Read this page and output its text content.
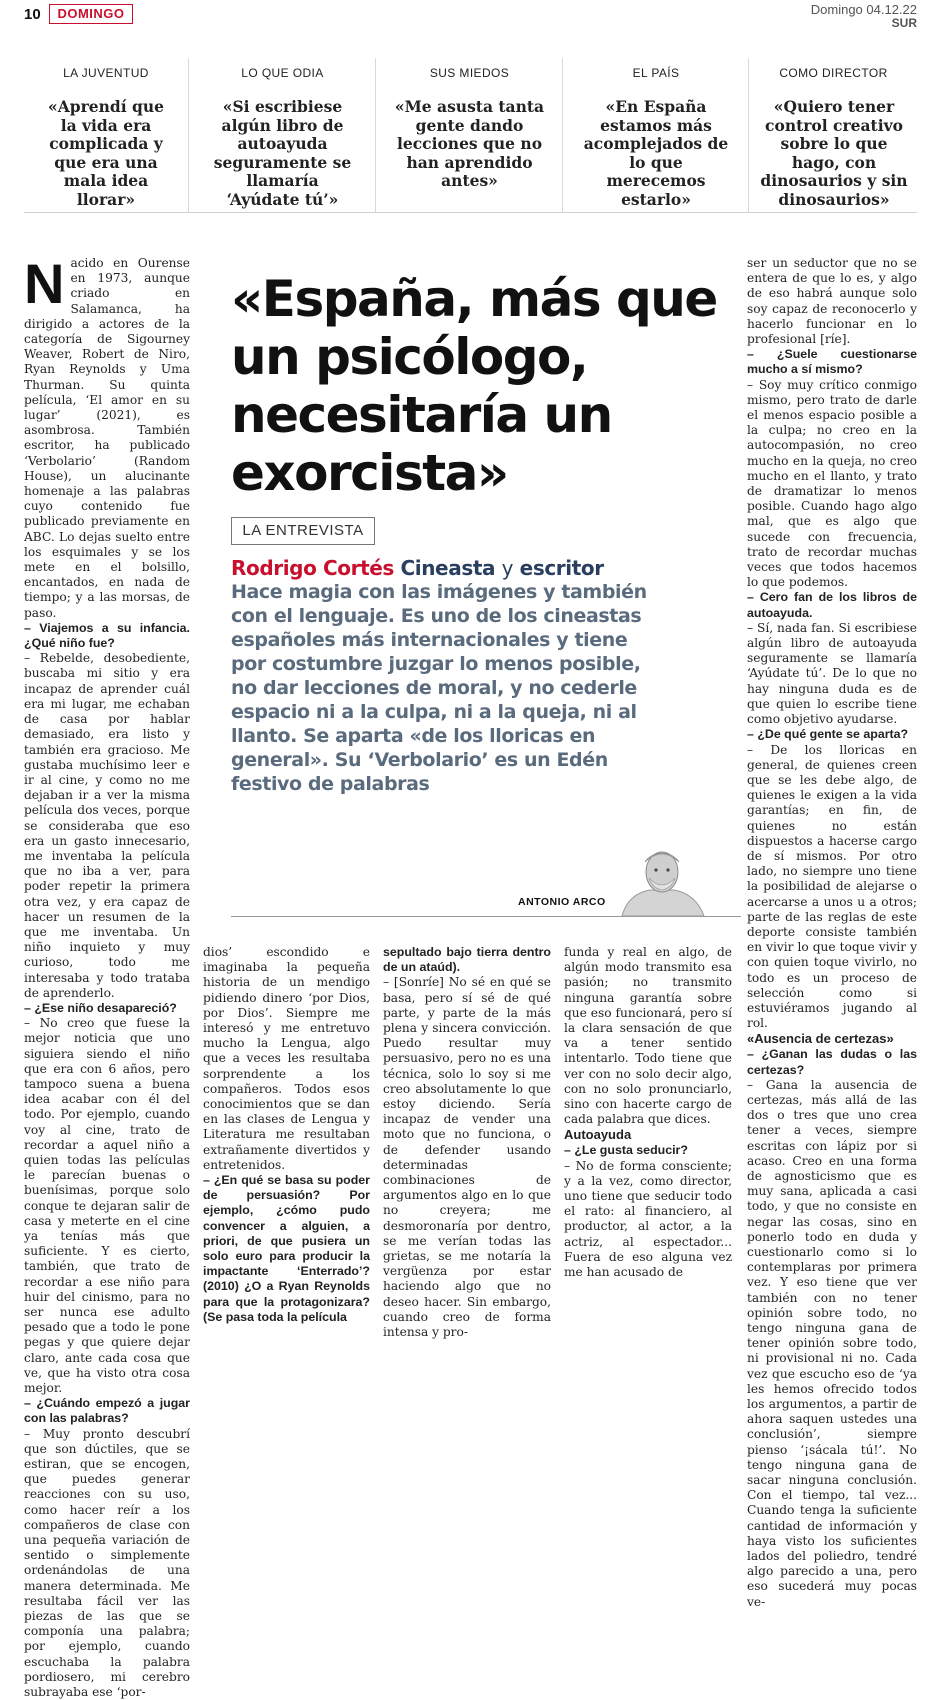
10	DOMINGO	Domingo 04.12.22
SUR
LA JUVENTUD
«Aprendí que la vida era complicada y que era una mala idea llorar»
LO QUE ODIA
«Si escribiese algún libro de autoayuda seguramente se llamaría ‘Ayúdate tú’»
SUS MIEDOS
«Me asusta tanta gente dando lecciones que no han aprendido antes»
EL PAÍS
«En España estamos más acomplejados de lo que merecemos estarlo»
COMO DIRECTOR
«Quiero tener control creativo sobre lo que hago, con dinosaurios y sin dinosaurios»

Nacido en Ourense en 1973, aunque criado en Salamanca, ha dirigido a actores de la categoría de Sigourney Weaver, Robert de Niro, Ryan Reynolds y Uma Thurman. Su quinta película, ‘El amor en su lugar’ (2021), es asombrosa. También escritor, ha publicado ‘Verbolario’ (Random House), un alucinante homenaje a las palabras cuyo contenido fue publicado previamente en ABC. Lo dejas suelto entre los esquimales y se los mete en el bolsillo, encantados, en nada de tiempo; y a las morsas, de paso.

– Viajemos a su infancia. ¿Qué niño fue?

– Rebelde, desobediente, buscaba mi sitio y era incapaz de aprender cuál era mi lugar, me echaban de casa por hablar demasiado, era listo y también era gracioso. Me gustaba muchísimo leer e ir al cine, y como no me dejaban ir a ver la misma película dos veces, porque se consideraba que eso era un gasto innecesario, me inventaba la película que no iba a ver, para poder repetir la primera otra vez, y era capaz de hacer un resumen de la que me inventaba. Un niño inquieto y muy curioso, todo me interesaba y todo trataba de aprenderlo.

– ¿Ese niño desapareció?

– No creo que fuese la mejor noticia que uno siguiera siendo el niño que era con 6 años, pero tampoco suena a buena idea acabar con él del todo. Por ejemplo, cuando voy al cine, trato de recordar a aquel niño a quien todas las películas le parecían buenas o buenísimas, porque solo conque te dejaran salir de casa y meterte en el cine ya tenías más que suficiente. Y es cierto, también, que trato de recordar a ese niño para huir del cinismo, para no ser nunca ese adulto pesado que a todo le pone pegas y que quiere dejar claro, ante cada cosa que ve, que ha visto otra cosa mejor.

– ¿Cuándo empezó a jugar con las palabras?

– Muy pronto descubrí que son dúctiles, que se estiran, que se encogen, que puedes generar reacciones con su uso, como hacer reír a los compañeros de clase con una pequeña variación de sentido o simplemente ordenándolas de una manera determinada. Me resultaba fácil ver las piezas de las que se componía una palabra; por ejemplo, cuando escuchaba la palabra pordiosero, mi cerebro subrayaba ese ‘por-

«España, más que un psicólogo, necesitaría un exorcista»
LA ENTREVISTA
Rodrigo Cortés Cineasta y escritor
Hace magia con las imágenes y también con el lenguaje. Es uno de los cineastas españoles más internacionales y tiene por costumbre juzgar lo menos posible, no dar lecciones de moral, y no cederle espacio ni a la culpa, ni a la queja, ni al llanto. Se aparta «de los lloricas en general». Su ‘Verbolario’ es un Edén festivo de palabras
ANTONIO ARCO

dios’ escondido e imaginaba la pequeña historia de un mendigo pidiendo dinero ‘por Dios, por Dios’. Siempre me interesó y me entretuvo mucho la Lengua, algo que a veces les resultaba sorprendente a los compañeros. Todos esos conocimientos que se dan en las clases de Lengua y Literatura me resultaban extrañamente divertidos y entretenidos.

– ¿En qué se basa su poder de persuasión? Por ejemplo, ¿cómo pudo convencer a alguien, a priori, de que pusiera un solo euro para producir la impactante ‘Enterrado’? (2010) ¿O a Ryan Reynolds para que la protagonizara? (Se pasa toda la película

sepultado bajo tierra dentro de un ataúd).

– [Sonríe] No sé en qué se basa, pero sí sé de qué parte, y parte de la más plena y sincera convicción. Puedo resultar muy persuasivo, pero no es una técnica, solo lo soy si me creo absolutamente lo que estoy diciendo. Sería incapaz de vender una moto que no funciona, o de defender usando determinadas combinaciones de argumentos algo en lo que no creyera; me desmoronaría por dentro, se me verían todas las grietas, se me notaría la vergüenza por estar haciendo algo que no deseo hacer. Sin embargo, cuando creo de forma intensa y pro-

funda y real en algo, de algún modo transmito esa pasión; no transmito ninguna garantía sobre que eso funcionará, pero sí la clara sensación de que va a tener sentido intentarlo. Todo tiene que ver con no solo decir algo, con no solo pronunciarlo, sino con hacerte cargo de cada palabra que dices.

Autoayuda

– ¿Le gusta seducir?

– No de forma consciente; y a la vez, como director, uno tiene que seducir todo el rato: al financiero, al productor, al actor, a la actriz, al espectador... Fuera de eso alguna vez me han acusado de

ser un seductor que no se entera de que lo es, y algo de eso habrá aunque solo soy capaz de reconocerlo y hacerlo funcionar en lo profesional [ríe].

– ¿Suele cuestionarse mucho a sí mismo?

– Soy muy crítico conmigo mismo, pero trato de darle el menos espacio posible a la culpa; no creo en la autocompasión, no creo mucho en la queja, no creo mucho en el llanto, y trato de dramatizar lo menos posible. Cuando hago algo mal, que es algo que sucede con frecuencia, trato de recordar muchas veces que todos hacemos lo que podemos.

– Cero fan de los libros de autoayuda.

– Sí, nada fan. Si escribiese algún libro de autoayuda seguramente se llamaría ‘Ayúdate tú’. De lo que no hay ninguna duda es de que quien lo escribe tiene como objetivo ayudarse.

– ¿De qué gente se aparta?

– De los lloricas en general, de quienes creen que se les debe algo, de quienes le exigen a la vida garantías; en fin, de quienes no están dispuestos a hacerse cargo de sí mismos. Por otro lado, no siempre uno tiene la posibilidad de alejarse o acercarse a unos u a otros; parte de las reglas de este deporte consiste también en vivir lo que toque vivir y con quien toque vivirlo, no todo es un proceso de selección como si estuviéramos jugando al rol.

«Ausencia de certezas»

– ¿Ganan las dudas o las certezas?

– Gana la ausencia de certezas, más allá de las dos o tres que uno crea tener a veces, siempre escritas con lápiz por si acaso. Creo en una forma de agnosticismo que es muy sana, aplicada a casi todo, y que no consiste en negar las cosas, sino en ponerlo todo en duda y cuestionarlo como si lo contemplaras por primera vez. Y eso tiene que ver también con no tener opinión sobre todo, no tengo ninguna gana de tener opinión sobre todo, ni provisional ni no. Cada vez que escucho eso de ‘ya les hemos ofrecido todos los argumentos, a partir de ahora saquen ustedes una conclusión’, siempre pienso ‘¡sácala tú!’. No tengo ninguna gana de sacar ninguna conclusión. Con el tiempo, tal vez... Cuando tenga la suficiente cantidad de información y haya visto los suficientes lados del poliedro, tendré algo parecido a una, pero eso sucederá muy pocas ve-
